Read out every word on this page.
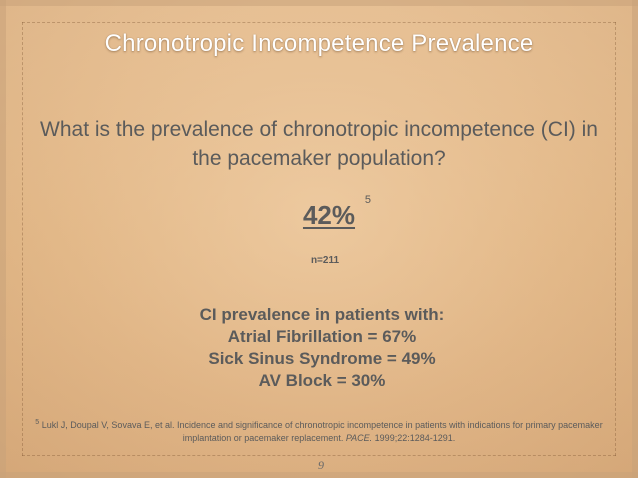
Chronotropic Incompetence Prevalence
What is the prevalence of chronotropic incompetence (CI) in the pacemaker population?
42% 5
n=211
CI prevalence in patients with:
Atrial Fibrillation = 67%
Sick Sinus Syndrome = 49%
AV Block = 30%
$^5$ Lukl J, Doupal V, Sovava E, et al. Incidence and significance of chronotropic incompetence in patients with indications for primary pacemaker implantation or pacemaker replacement. PACE. 1999;22:1284-1291.
9
